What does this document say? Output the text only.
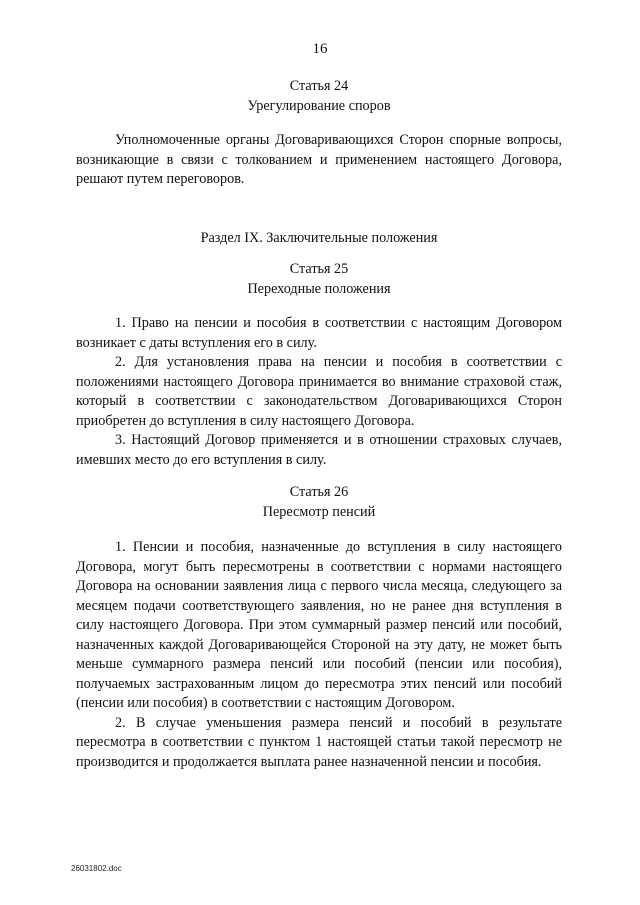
16

Статья 24

Урегулирование споров

Уполномоченные органы Договаривающихся Сторон спорные вопросы, возникающие в связи с толкованием и применением настоящего Договора, решают путем переговоров.

Раздел IX. Заключительные положения

Статья 25

Переходные положения

1. Право на пенсии и пособия в соответствии с настоящим Договором возникает с даты вступления его в силу.

2. Для установления права на пенсии и пособия в соответствии с положениями настоящего Договора принимается во внимание страховой стаж, который в соответствии с законодательством Договаривающихся Сторон приобретен до вступления в силу настоящего Договора.

3. Настоящий Договор применяется и в отношении страховых случаев, имевших место до его вступления в силу.

Статья 26

Пересмотр пенсий

1. Пенсии и пособия, назначенные до вступления в силу настоящего Договора, могут быть пересмотрены в соответствии с нормами настоящего Договора на основании заявления лица с первого числа месяца, следующего за месяцем подачи соответствующего заявления, но не ранее дня вступления в силу настоящего Договора. При этом суммарный размер пенсий или пособий, назначенных каждой Договаривающейся Стороной на эту дату, не может быть меньше суммарного размера пенсий или пособий (пенсии или пособия), получаемых застрахованным лицом до пересмотра этих пенсий или пособий (пенсии или пособия) в соответствии с настоящим Договором.

2. В случае уменьшения размера пенсий и пособий в результате пересмотра в соответствии с пунктом 1 настоящей статьи такой пересмотр не производится и продолжается выплата ранее назначенной пенсии и пособия.

26031802.doc
